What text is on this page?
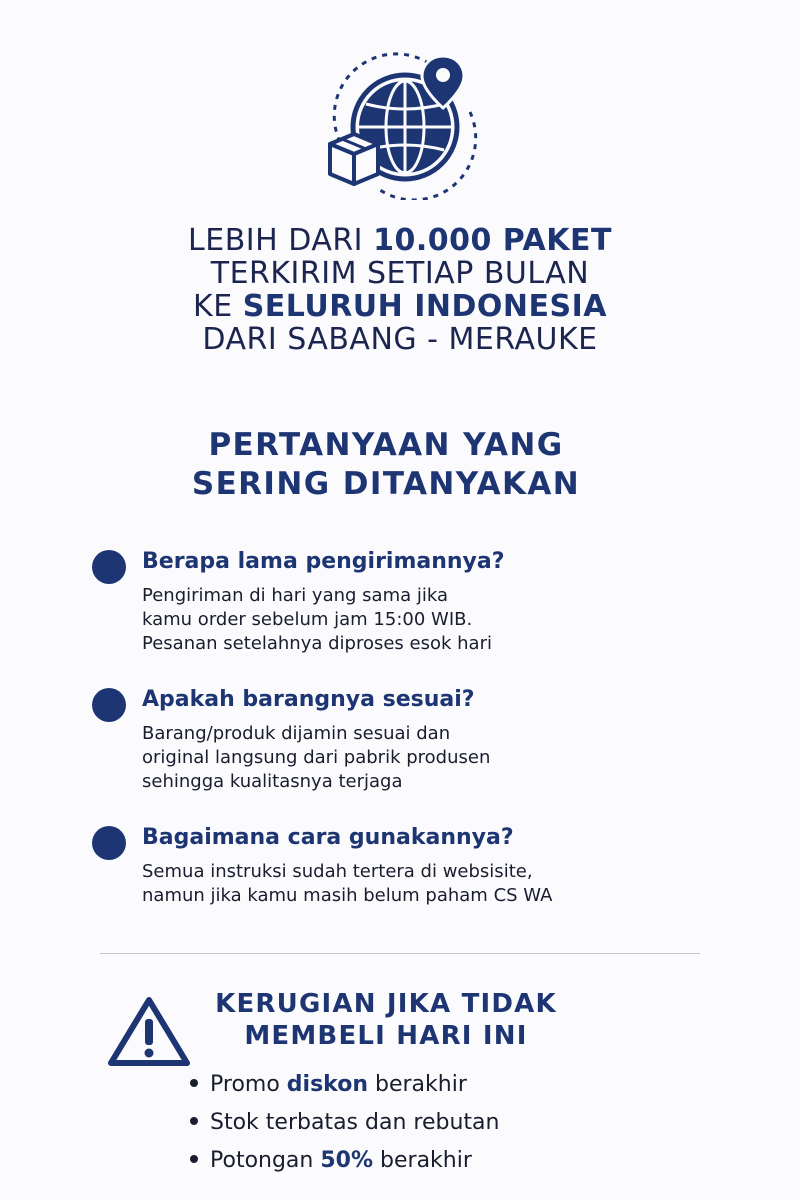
LEBIH DARI 10.000 PAKET
TERKIRIM SETIAP BULAN
KE SELURUH INDONESIA
DARI SABANG - MERAUKE
PERTANYAAN YANG
SERING DITANYAKAN
Berapa lama pengirimannya?
Pengiriman di hari yang sama jika
kamu order sebelum jam 15:00 WIB.
Pesanan setelahnya diproses esok hari
Apakah barangnya sesuai?
Barang/produk dijamin sesuai dan
original langsung dari pabrik produsen
sehingga kualitasnya terjaga
Bagaimana cara gunakannya?
Semua instruksi sudah tertera di websisite,
namun jika kamu masih belum paham CS WA
KERUGIAN JIKA TIDAK
MEMBELI HARI INI
Promo diskon berakhir
Stok terbatas dan rebutan
Potongan 50% berakhir
